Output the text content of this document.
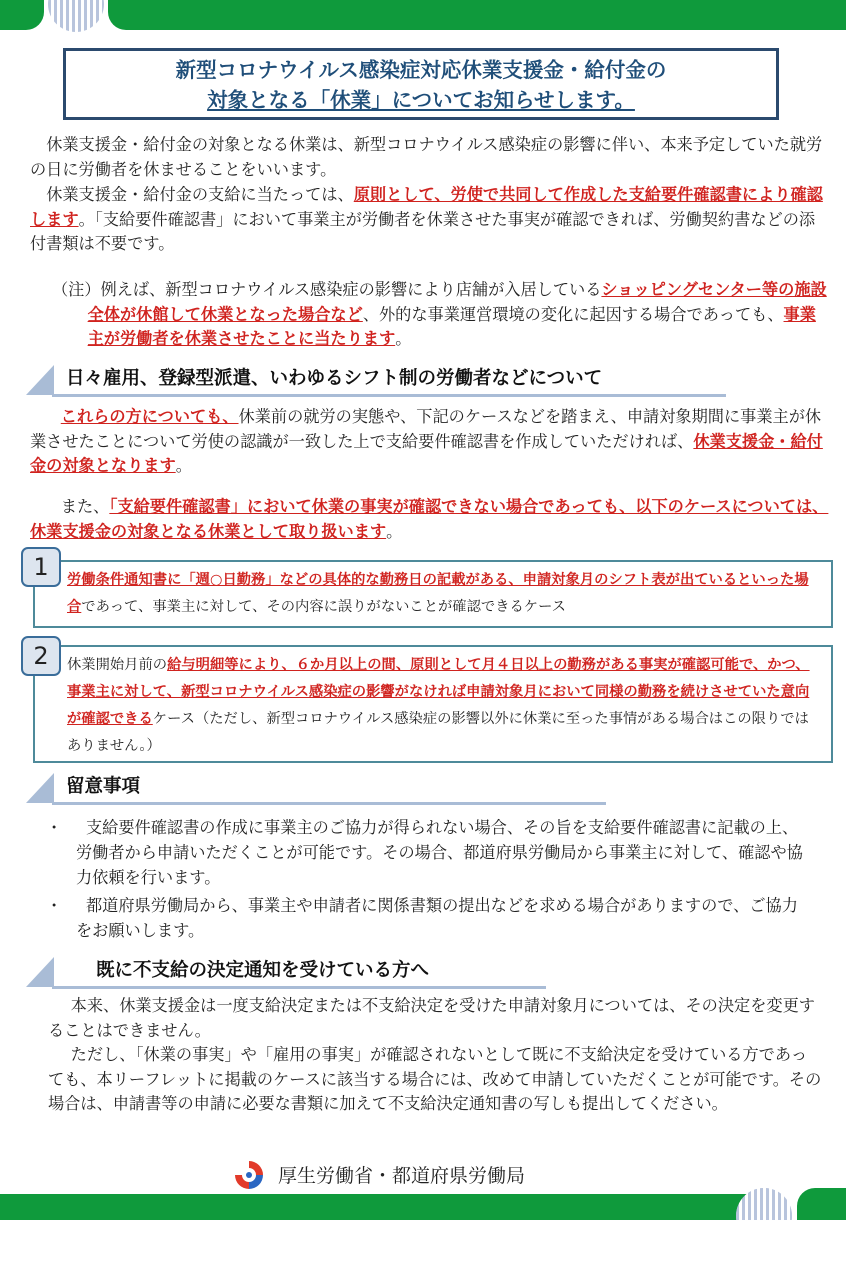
新型コロナウイルス感染症対応休業支援金・給付金の
対象となる「休業」についてお知らせします。

休業支援金・給付金の対象となる休業は、新型コロナウイルス感染症の影響に伴い、本来予定していた就労の日に労働者を休ませることをいいます。

休業支援金・給付金の支給に当たっては、原則として、労使で共同して作成した支給要件確認書により確認します。「支給要件確認書」において事業主が労働者を休業させた事実が確認できれば、労働契約書などの添付書類は不要です。

（注）例えば、新型コロナウイルス感染症の影響により店舗が入居しているショッピングセンター等の施設全体が休館して休業となった場合など、外的な事業運営環境の変化に起因する場合であっても、事業主が労働者を休業させたことに当たります。

日々雇用、登録型派遣、いわゆるシフト制の労働者などについて

これらの方についても、休業前の就労の実態や、下記のケースなどを踏まえ、申請対象期間に事業主が休業させたことについて労使の認識が一致した上で支給要件確認書を作成していただければ、休業支援金・給付金の対象となります。

また、「支給要件確認書」において休業の事実が確認できない場合であっても、以下のケースについては、休業支援金の対象となる休業として取り扱います。

労働条件通知書に「週○日勤務」などの具体的な勤務日の記載がある、申請対象月のシフト表が出ているといった場合であって、事業主に対して、その内容に誤りがないことが確認できるケース
1
休業開始月前の給与明細等により、６か月以上の間、原則として月４日以上の勤務がある事実が確認可能で、かつ、事業主に対して、新型コロナウイルス感染症の影響がなければ申請対象月において同様の勤務を続けさせていた意向が確認できるケース（ただし、新型コロナウイルス感染症の影響以外に休業に至った事情がある場合はこの限りではありません。）
2
留意事項
・	支給要件確認書の作成に事業主のご協力が得られない場合、その旨を支給要件確認書に記載の上、労働者から申請いただくことが可能です。その場合、都道府県労働局から事業主に対して、確認や協力依頼を行います。
・	都道府県労働局から、事業主や申請者に関係書類の提出などを求める場合がありますので、ご協力をお願いします。
既に不支給の決定通知を受けている方へ

本来、休業支援金は一度支給決定または不支給決定を受けた申請対象月については、その決定を変更することはできません。

ただし、「休業の事実」や「雇用の事実」が確認されないとして既に不支給決定を受けている方であっても、本リーフレットに掲載のケースに該当する場合には、改めて申請していただくことが可能です。その場合は、申請書等の申請に必要な書類に加えて不支給決定通知書の写しも提出してください。

厚生労働省・都道府県労働局
